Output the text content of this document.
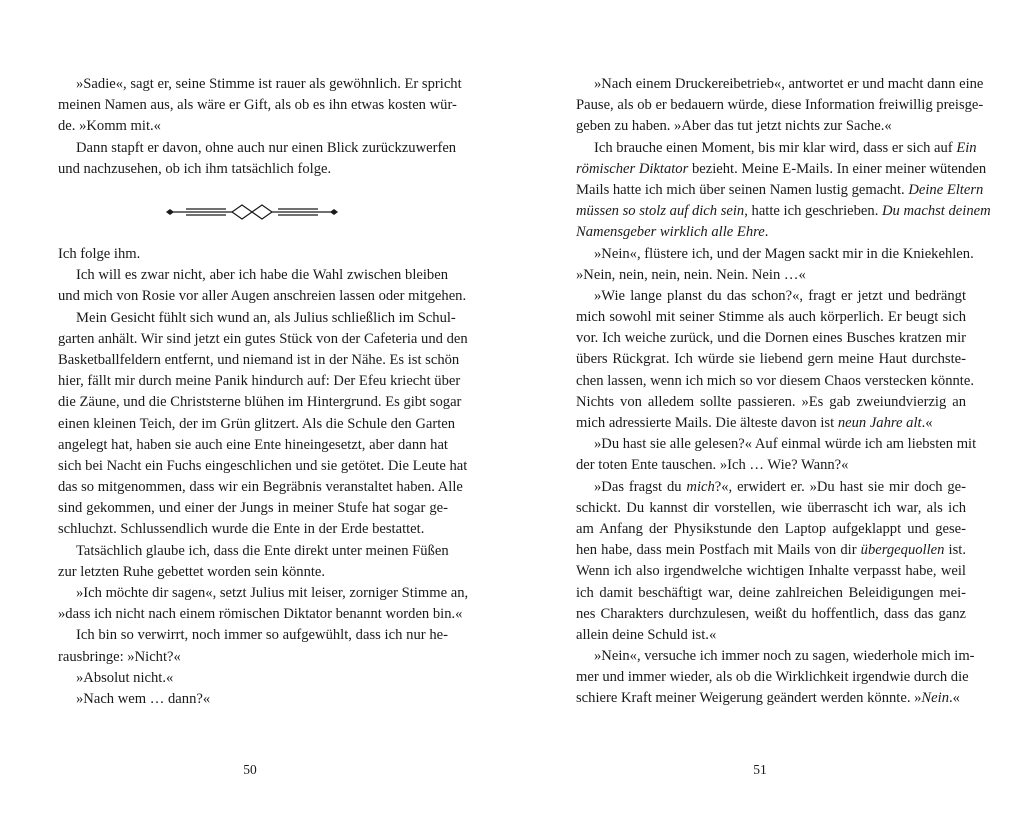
»Sadie«, sagt er, seine Stimme ist rauer als gewöhnlich. Er spricht
meinen Namen aus, als wäre er Gift, als ob es ihn etwas kosten wür-
de. »Komm mit.«
Dann stapft er davon, ohne auch nur einen Blick zurückzuwerfen
und nachzusehen, ob ich ihm tatsächlich folge.
Ich folge ihm.
Ich will es zwar nicht, aber ich habe die Wahl zwischen bleiben
und mich von Rosie vor aller Augen anschreien lassen oder mitgehen.
Mein Gesicht fühlt sich wund an, als Julius schließlich im Schul-
garten anhält. Wir sind jetzt ein gutes Stück von der Cafeteria und den
Basketballfeldern entfernt, und niemand ist in der Nähe. Es ist schön
hier, fällt mir durch meine Panik hindurch auf: Der Efeu kriecht über
die Zäune, und die Christsterne blühen im Hintergrund. Es gibt sogar
einen kleinen Teich, der im Grün glitzert. Als die Schule den Garten
angelegt hat, haben sie auch eine Ente hineingesetzt, aber dann hat
sich bei Nacht ein Fuchs eingeschlichen und sie getötet. Die Leute hat
das so mitgenommen, dass wir ein Begräbnis veranstaltet haben. Alle
sind gekommen, und einer der Jungs in meiner Stufe hat sogar ge-
schluchzt. Schlussendlich wurde die Ente in der Erde bestattet.
Tatsächlich glaube ich, dass die Ente direkt unter meinen Füßen
zur letzten Ruhe gebettet worden sein könnte.
»Ich möchte dir sagen«, setzt Julius mit leiser, zorniger Stimme an,
»dass ich nicht nach einem römischen Diktator benannt worden bin.«
Ich bin so verwirrt, noch immer so aufgewühlt, dass ich nur he-
rausbringe: »Nicht?«
»Absolut nicht.«
»Nach wem … dann?«
50
»Nach einem Druckereibetrieb«, antwortet er und macht dann eine
Pause, als ob er bedauern würde, diese Information freiwillig preisge-
geben zu haben. »Aber das tut jetzt nichts zur Sache.«
Ich brauche einen Moment, bis mir klar wird, dass er sich auf Ein
römischer Diktator bezieht. Meine E-Mails. In einer meiner wütenden
Mails hatte ich mich über seinen Namen lustig gemacht. Deine Eltern
müssen so stolz auf dich sein, hatte ich geschrieben. Du machst deinem
Namensgeber wirklich alle Ehre.
»Nein«, flüstere ich, und der Magen sackt mir in die Kniekehlen.
»Nein, nein, nein, nein. Nein. Nein …«
»Wie lange planst du das schon?«, fragt er jetzt und bedrängt
mich sowohl mit seiner Stimme als auch körperlich. Er beugt sich
vor. Ich weiche zurück, und die Dornen eines Busches kratzen mir
übers Rückgrat. Ich würde sie liebend gern meine Haut durchste-
chen lassen, wenn ich mich so vor diesem Chaos verstecken könnte.
Nichts von alledem sollte passieren. »Es gab zweiundvierzig an
mich adressierte Mails. Die älteste davon ist neun Jahre alt.«
»Du hast sie alle gelesen?« Auf einmal würde ich am liebsten mit
der toten Ente tauschen. »Ich … Wie? Wann?«
»Das fragst du mich?«, erwidert er. »Du hast sie mir doch ge-
schickt. Du kannst dir vorstellen, wie überrascht ich war, als ich
am Anfang der Physikstunde den Laptop aufgeklappt und gese-
hen habe, dass mein Postfach mit Mails von dir übergequollen ist.
Wenn ich also irgendwelche wichtigen Inhalte verpasst habe, weil
ich damit beschäftigt war, deine zahlreichen Beleidigungen mei-
nes Charakters durchzulesen, weißt du hoffentlich, dass das ganz
allein deine Schuld ist.«
»Nein«, versuche ich immer noch zu sagen, wiederhole mich im-
mer und immer wieder, als ob die Wirklichkeit irgendwie durch die
schiere Kraft meiner Weigerung geändert werden könnte. »Nein.«
51
